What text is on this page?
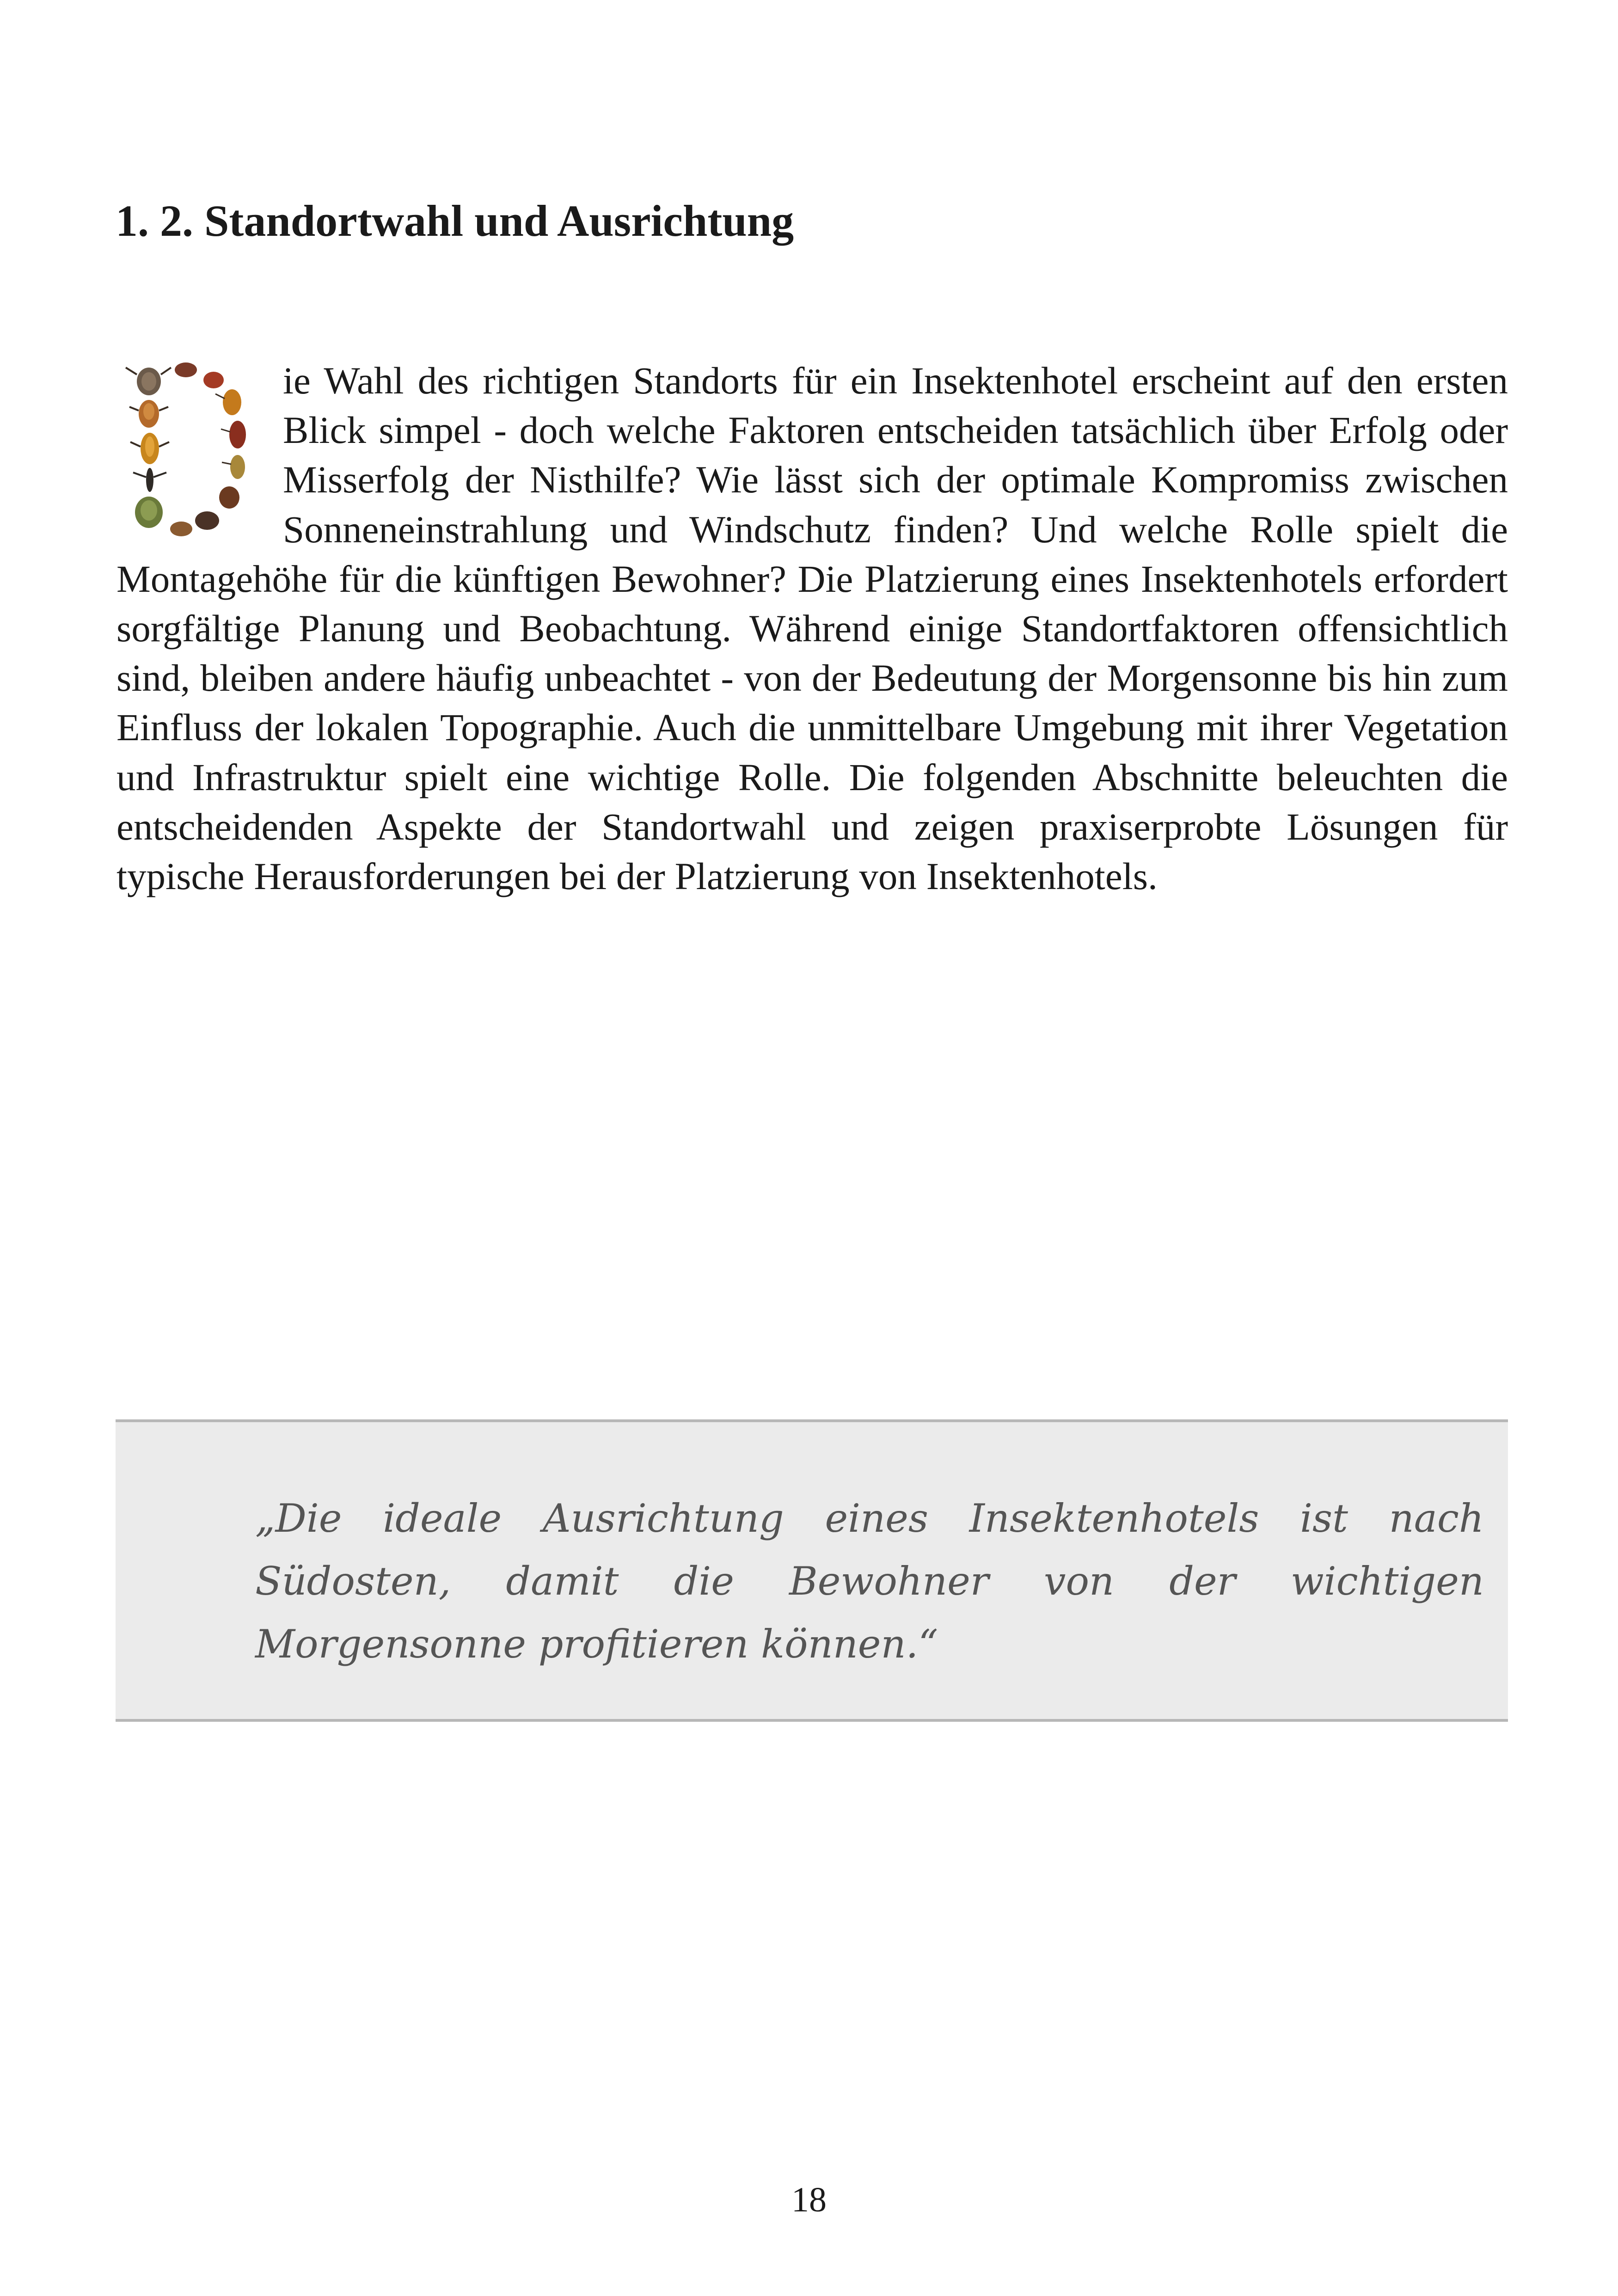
1. 2. Standortwahl und Ausrichtung

ie Wahl des richtigen Standorts für ein Insektenhotel erscheint auf den ersten Blick simpel - doch welche Faktoren entscheiden tatsächlich über Erfolg oder Misserfolg der Nisthilfe? Wie lässt sich der optimale Kompromiss zwischen Sonneneinstrahlung und Windschutz finden? Und welche Rolle spielt die Montagehöhe für die künftigen Bewohner? Die Platzierung eines Insektenhotels erfordert sorgfältige Planung und Beobachtung. Während einige Standortfaktoren offensichtlich sind, bleiben andere häufig unbeachtet - von der Bedeutung der Morgensonne bis hin zum Einfluss der lokalen Topographie. Auch die unmittelbare Umgebung mit ihrer Vegetation und Infrastruktur spielt eine wichtige Rolle. Die folgenden Abschnitte beleuchten die entscheidenden Aspekte der Standortwahl und zeigen praxiserprobte Lösungen für typische Herausforderungen bei der Platzierung von Insektenhotels.

„Die ideale Ausrichtung eines Insektenhotels ist nach Südosten, damit die Bewohner von der wichtigen Morgensonne profitieren können.“

18
